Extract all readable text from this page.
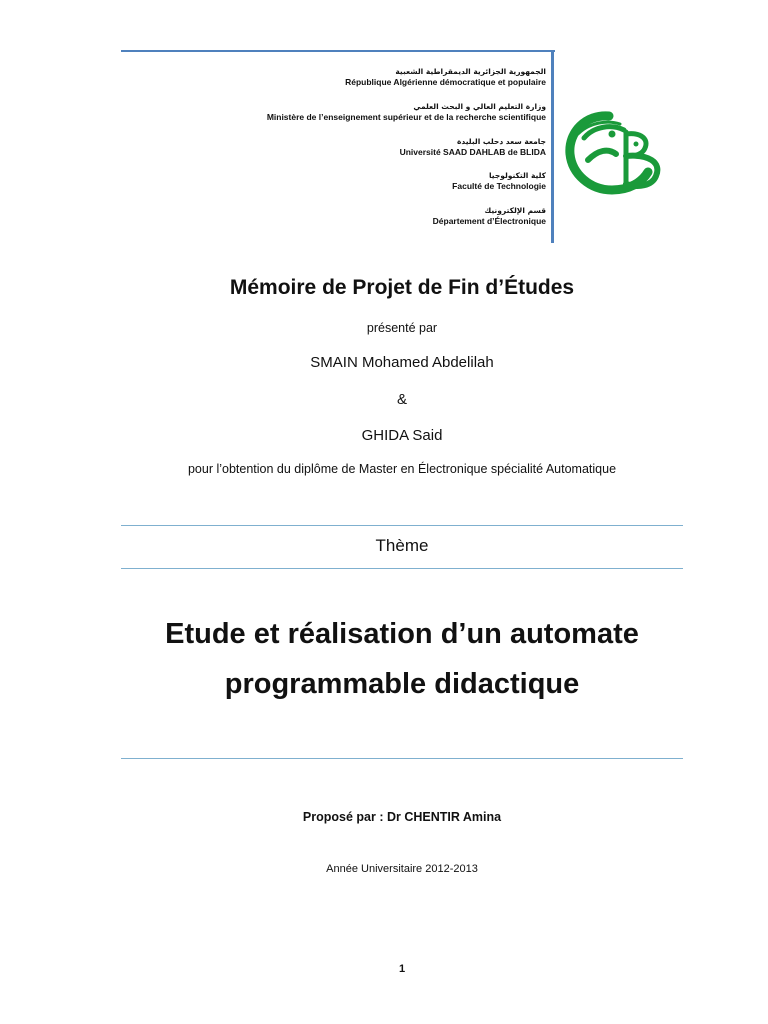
الجمهورية الجزائرية الديمقراطية الشعبية
République Algérienne démocratique et populaire
وزارة التعليم العالي و البحث العلمي
Ministère de l’enseignement supérieur et de la recherche scientifique
جامعة سعد دحلب البليدة
Université SAAD DAHLAB de BLIDA
كلية التكنولوجيا
Faculté de Technologie
قسم الإلكترونيك
Département d’Électronique
Mémoire de Projet de Fin d’Études
présenté par
SMAIN Mohamed Abdelilah
&
GHIDA Said
pour l’obtention du diplôme de Master en Électronique spécialité Automatique
Thème
Etude et réalisation d’un automate
programmable didactique
Proposé par : Dr CHENTIR Amina
Année Universitaire 2012-2013
1
